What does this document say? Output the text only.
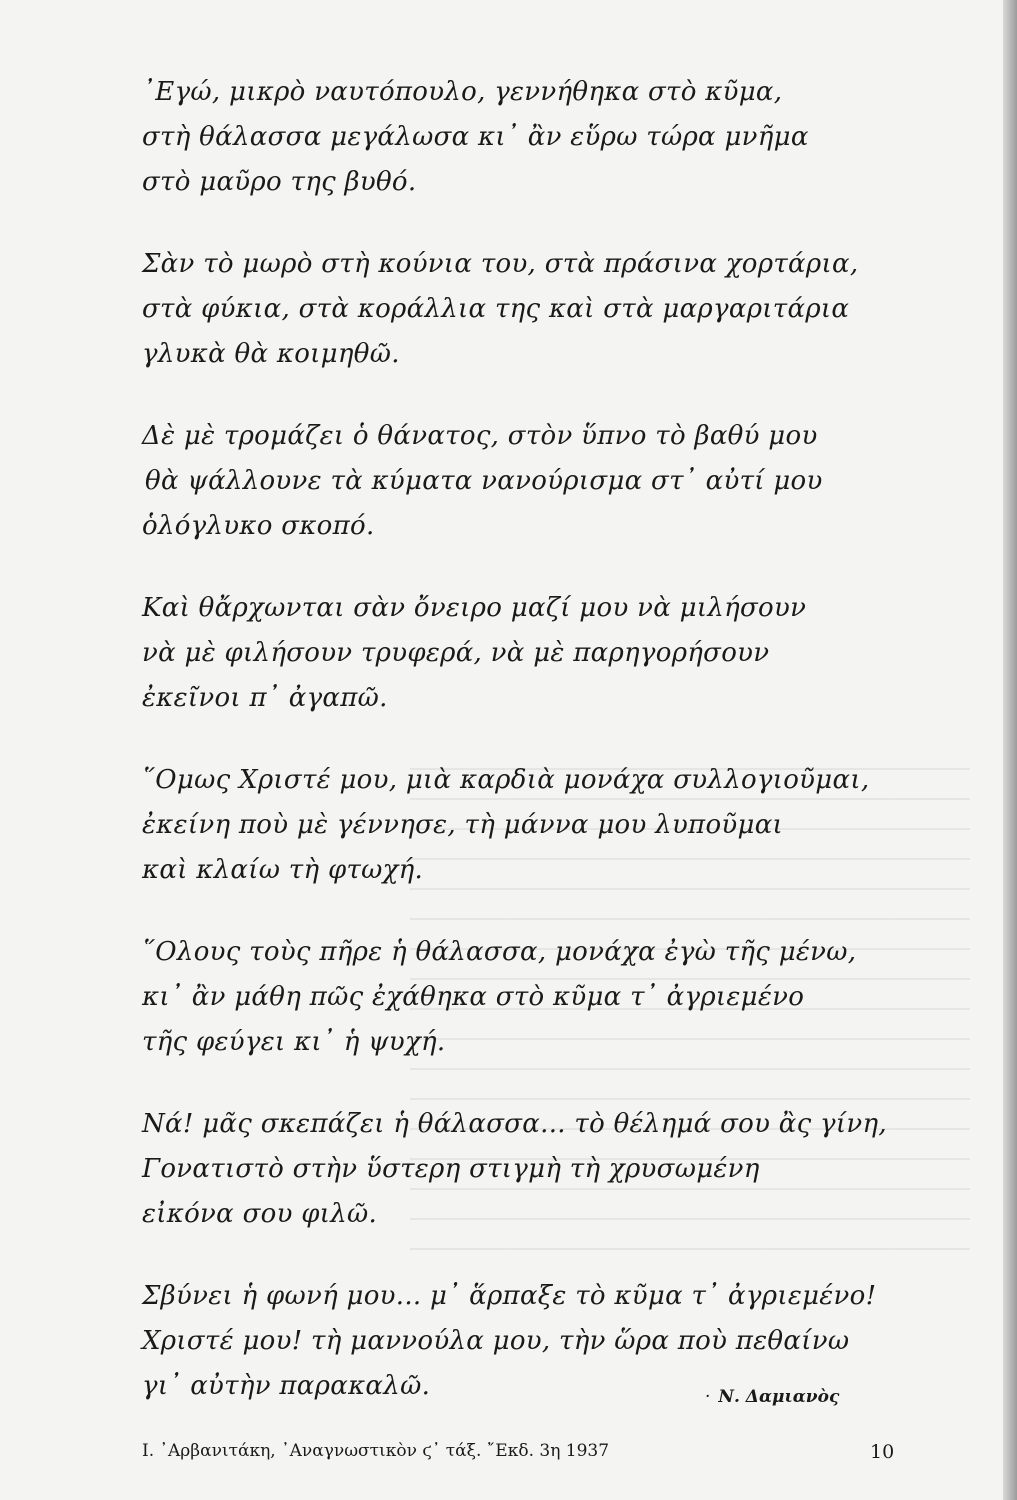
᾿Εγώ, μικρὸ ναυτόπουλο, γεννήθηκα στὸ κῦμα,
στὴ θάλασσα μεγάλωσα κι᾿ ἂν εὕρω τώρα μνῆμα
στὸ μαῦρο της βυθό.
Σὰν τὸ μωρὸ στὴ κούνια του, στὰ πράσινα χορτάρια,
στὰ φύκια, στὰ κοράλλια της καὶ στὰ μαργαριτάρια
γλυκὰ θὰ κοιμηθῶ.
Δὲ μὲ τρομάζει ὁ θάνατος, στὸν ὕπνο τὸ βαθύ μου
θὰ ψάλλουνε τὰ κύματα νανούρισμα στ᾿ αὐτί μου
ὁλόγλυκο σκοπό.
Καὶ θἄρχωνται σὰν ὄνειρο μαζί μου νὰ μιλήσουν
νὰ μὲ φιλήσουν τρυφερά, νὰ μὲ παρηγορήσουν
ἐκεῖνοι π᾿ ἀγαπῶ.
῞Ομως Χριστέ μου, μιὰ καρδιὰ μονάχα συλλογιοῦμαι,
ἐκείνη ποὺ μὲ γέννησε, τὴ μάννα μου λυποῦμαι
καὶ κλαίω τὴ φτωχή.
῞Ολους τοὺς πῆρε ἡ θάλασσα, μονάχα ἐγὼ τῆς μένω,
κι᾿ ἂν μάθη πῶς ἐχάθηκα στὸ κῦμα τ᾿ ἀγριεμένο
τῆς φεύγει κι᾿ ἡ ψυχή.
Νά! μᾶς σκεπάζει ἡ θάλασσα... τὸ θέλημά σου ἂς γίνη,
Γονατιστὸ στὴν ὕστερη στιγμὴ τὴ χρυσωμένη
εἰκόνα σου φιλῶ.
Σβύνει ἡ φωνή μου... μ᾿ ἅρπαξε τὸ κῦμα τ᾿ ἀγριεμένο!
Χριστέ μου! τὴ μαννούλα μου, τὴν ὥρα ποὺ πεθαίνω
γι᾿ αὐτὴν παρακαλῶ.	· Ν. Δαμιανὸς
Ι. ᾿Αρβανιτάκη, ᾿Αναγνωστικὸν ϛ᾿ τάξ. ῎Εκδ. 3η 1937	10
